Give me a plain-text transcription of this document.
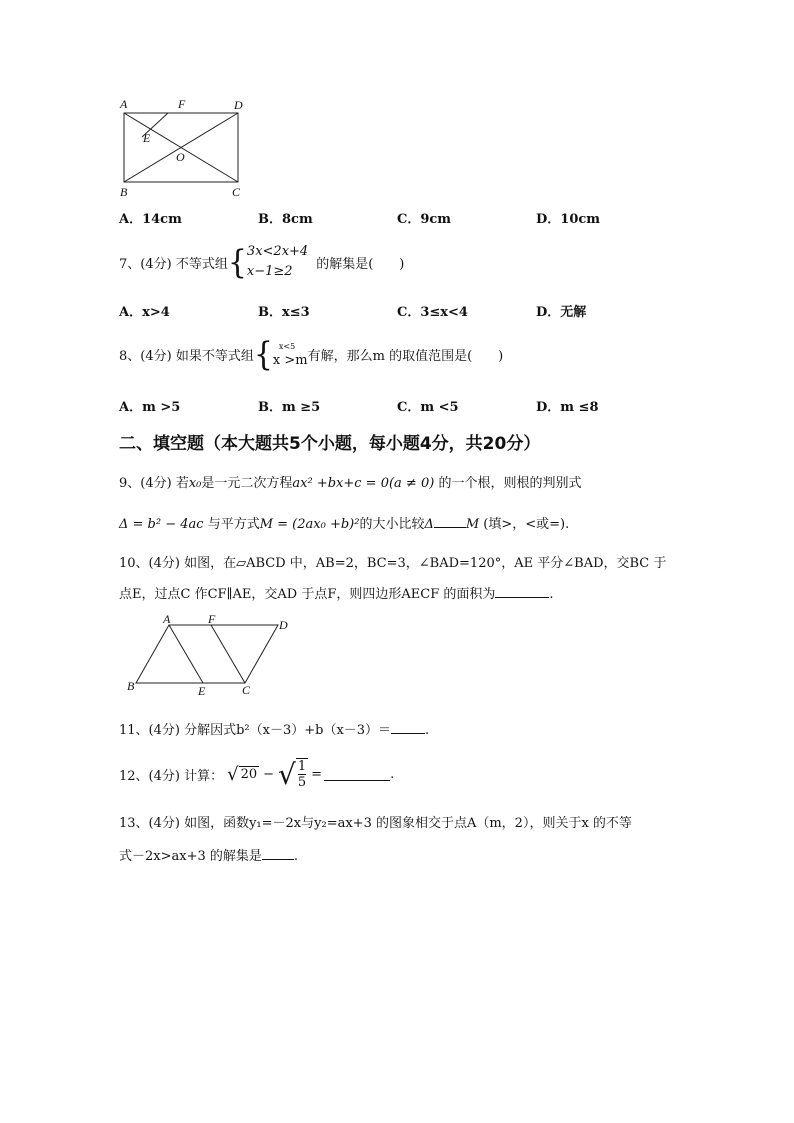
A	F	D
E
O
B	C
A．14cm	B．8cm	C．9cm	D．10cm
7、(4分) 不等式组 { 3x<2x+4
x−1≥2	的解集是(　　)
A．x>4	B．x≤3	C．3≤x<4	D．无解
8、(4分) 如果不等式组 { x<5
x >m 有解，那么m 的取值范围是(　　)
A．m >5	B．m ≥5	C．m <5	D．m ≤8
二、填空题（本大题共5个小题，每小题4分，共20分）
9、(4分) 若x₀是一元二次方程ax² +bx+c = 0(a ≠ 0) 的一个根，则根的判别式
Δ = b² − 4ac 与平方式M = (2ax₀ +b)²的大小比较Δ M (填>，<或=).
10、(4分) 如图，在▱ABCD 中，AB=2，BC=3，∠BAD=120°，AE 平分∠BAD，交BC 于
点E，过点C 作CF∥AE，交AD 于点F，则四边形AECF 的面积为	.
A	F	D
B	E	C
11、(4分) 分解因式b²（x－3）+b（x－3）＝	.
12、(4分) 计算： √ 20 − √ $\frac{1}{5}$ =	.
13、(4分) 如图，函数y₁=－2x与y₂=ax+3 的图象相交于点A（m，2），则关于x 的不等
式－2x>ax+3 的解集是 .
